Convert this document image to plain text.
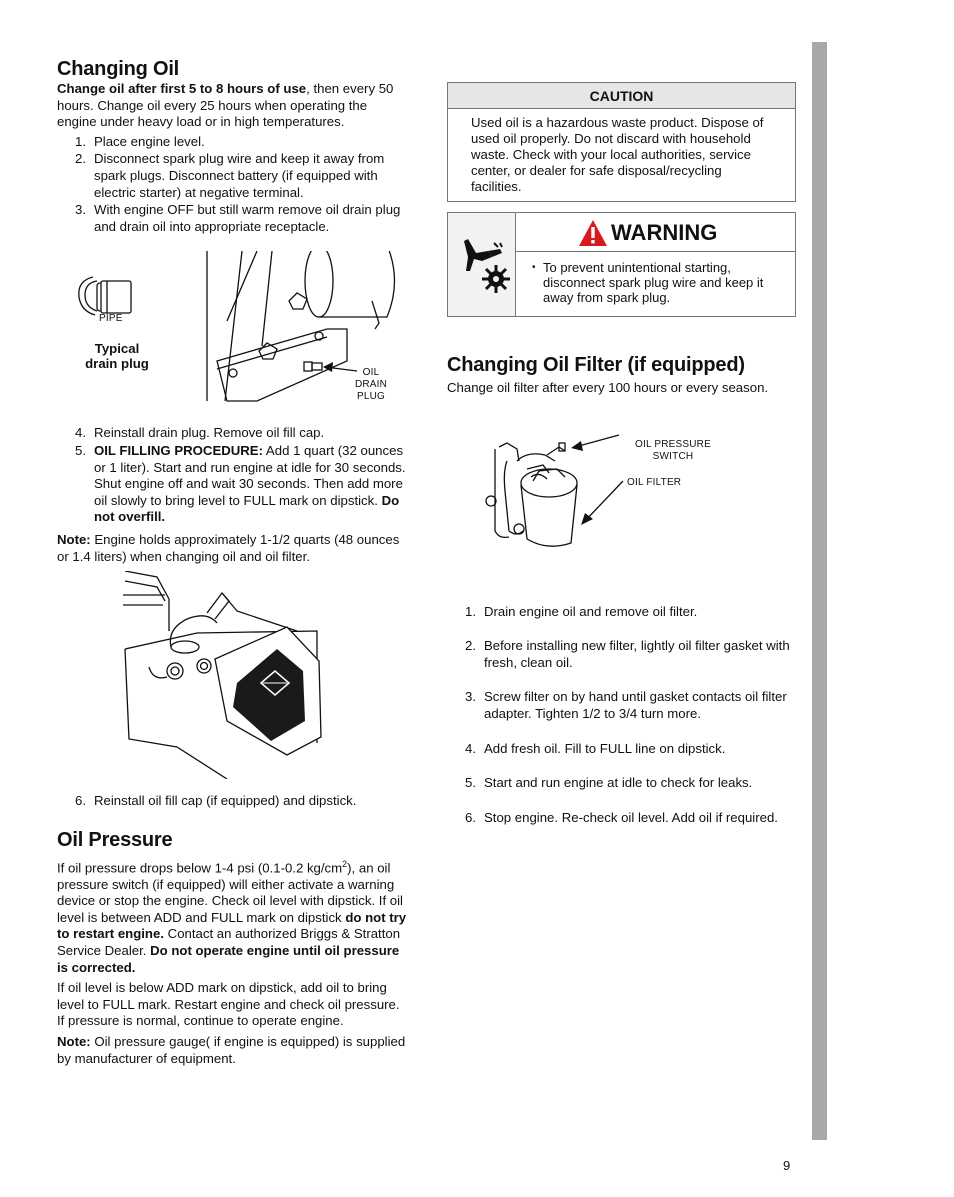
Changing Oil

Change oil after first 5 to 8 hours of use, then every 50 hours. Change oil every 25 hours when operating the engine under heavy load or in high temperatures.

1. Place engine level.
2. Disconnect spark plug wire and keep it away from spark plugs. Disconnect battery (if equipped with electric starter) at negative terminal.
3. With engine OFF but still warm remove oil drain plug and drain oil into appropriate receptacle.
PIPE
Typical drain plug
OIL
DRAIN
PLUG
4. Reinstall drain plug. Remove oil fill cap.
5. OIL FILLING PROCEDURE: Add 1 quart (32 ounces or 1 liter). Start and run engine at idle for 30 seconds. Shut engine off and wait 30 seconds. Then add more oil slowly to bring level to FULL mark on dipstick. Do not overfill.

Note: Engine holds approximately 1-1/2 quarts (48 ounces or 1.4 liters) when changing oil and oil filter.

6. Reinstall oil fill cap (if equipped) and dipstick.
Oil Pressure

If oil pressure drops below 1-4 psi (0.1-0.2 $kg/cm^2$), an oil pressure switch (if equipped) will either activate a warning device or stop the engine. Check oil level with dipstick. If oil level is between ADD and FULL mark on dipstick do not try to restart engine. Contact an authorized Briggs & Stratton Service Dealer. Do not operate engine until oil pressure is corrected.

If oil level is below ADD mark on dipstick, add oil to bring level to FULL mark. Restart engine and check oil pressure. If pressure is normal, continue to operate engine.

Note: Oil pressure gauge( if engine is equipped) is supplied by manufacturer of equipment.

CAUTION
Used oil is a hazardous waste product. Dispose of used oil properly. Do not discard with household waste. Check with your local authorities, service center, or dealer for safe disposal/recycling facilities.
WARNING
• To prevent unintentional starting, disconnect spark plug wire and keep it away from spark plug.
Changing Oil Filter (if equipped)

Change oil filter after every 100 hours or every season.

OIL PRESSURE
SWITCH
OIL FILTER
1. Drain engine oil and remove oil filter.
2. Before installing new filter, lightly oil filter gasket with fresh, clean oil.
3. Screw filter on by hand until gasket contacts oil filter adapter. Tighten 1/2 to 3/4 turn more.
4. Add fresh oil. Fill to FULL line on dipstick.
5. Start and run engine at idle to check for leaks.
6. Stop engine. Re-check oil level. Add oil if required.
9
